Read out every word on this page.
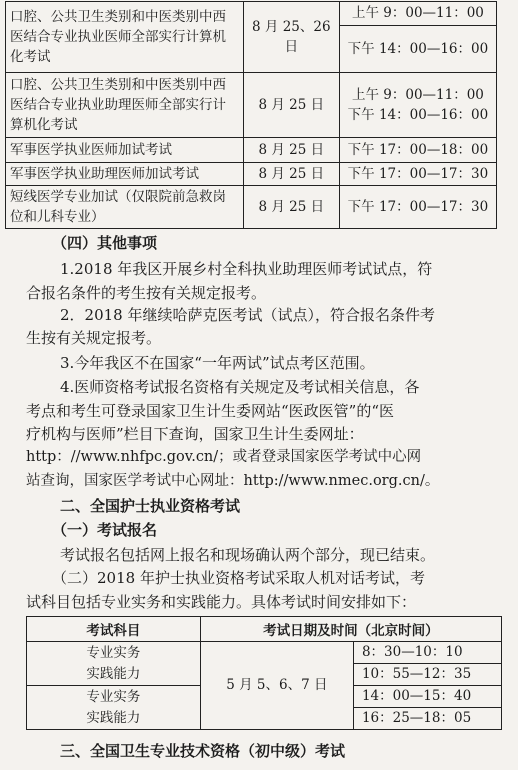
口腔、公共卫生类别和中医类别中西医结合专业执业医师全部实行计算机化考试	8 月 25、26 日	上午 9：00—11：00
下午 14：00—16：00

口腔、公共卫生类别和中医类别中西医结合专业执业助理医师全部实行计算机化考试	8 月 25 日	上午 9：00—11：00
下午 14：00—16：00

军事医学执业医师加试考试	8 月 25 日	下午 17：00—18：00
军事医学执业助理医师加试考试	8 月 25 日	下午 17：00—17：30
短线医学专业加试（仅限院前急救岗位和儿科专业）	8 月 25 日	下午 17：00—17：30
（四）其他事项
1.2018 年我区开展乡村全科执业助理医师考试试点，符
合报名条件的考生按有关规定报考。
2．2018 年继续哈萨克医考试（试点），符合报名条件考
生按有关规定报考。
3.今年我区不在国家“一年两试”试点考区范围。
4.医师资格考试报名资格有关规定及考试相关信息，各
考点和考生可登录国家卫生计生委网站“医政医管”的“医
疗机构与医师”栏目下查询，国家卫生计生委网址：
http：//www.nhfpc.gov.cn/；或者登录国家医学考试中心网
站查询，国家医学考试中心网址：http://www.nmec.org.cn/。
二、全国护士执业资格考试
（一）考试报名
考试报名包括网上报名和现场确认两个部分，现已结束。
（二）2018 年护士执业资格考试采取人机对话考试，考
试科目包括专业实务和实践能力。具体考试时间安排如下：
考试科目	考试日期及时间（北京时间）	

专业实务
实践能力	5 月 5、6、7 日	8：30—10：10
		10：55—12：35

专业实务
实践能力		14：00—15：40
		16：25—18：05
三、全国卫生专业技术资格（初中级）考试
